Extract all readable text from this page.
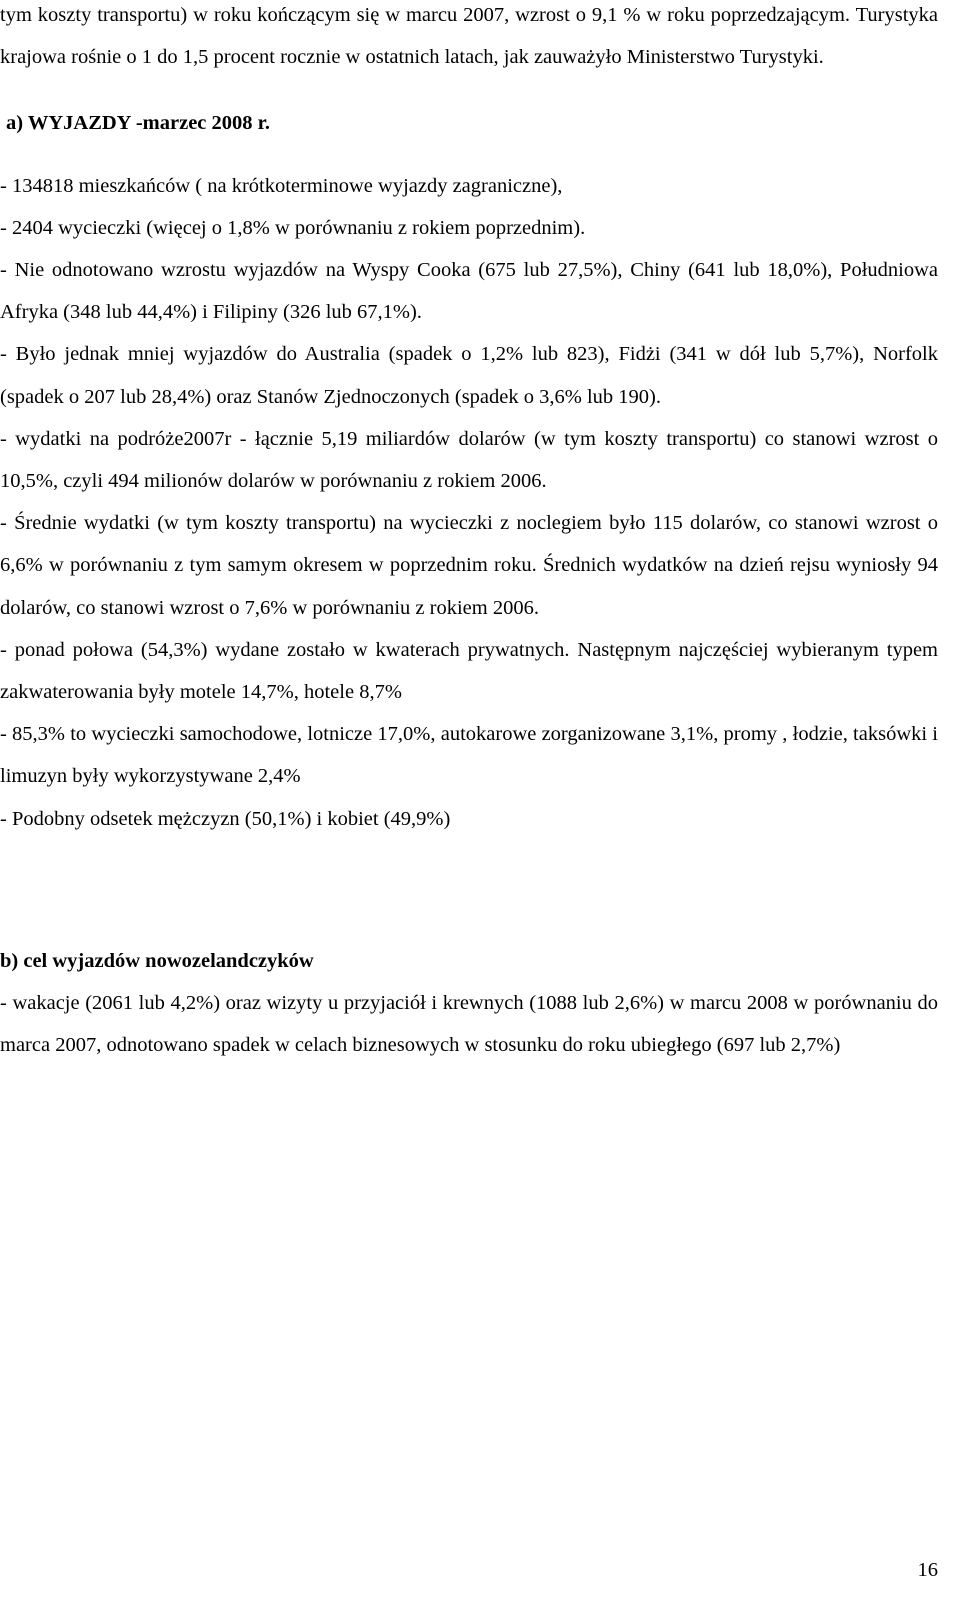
tym koszty transportu) w roku kończącym się w marcu 2007, wzrost o 9,1 % w roku poprzedzającym. Turystyka krajowa rośnie o 1 do 1,5 procent rocznie w ostatnich latach, jak zauważyło Ministerstwo Turystyki.

a) WYJAZDY -marzec 2008 r.

- 134818 mieszkańców ( na krótkoterminowe wyjazdy zagraniczne),

- 2404 wycieczki (więcej o 1,8% w porównaniu z rokiem poprzednim).

- Nie odnotowano wzrostu wyjazdów na Wyspy Cooka (675 lub 27,5%), Chiny (641 lub 18,0%), Południowa Afryka (348 lub 44,4%) i Filipiny (326 lub 67,1%).

- Było jednak mniej wyjazdów do Australia (spadek o 1,2% lub 823), Fidżi (341 w dół lub 5,7%), Norfolk (spadek o 207 lub 28,4%) oraz Stanów Zjednoczonych (spadek o 3,6% lub 190).

- wydatki na podróże2007r - łącznie 5,19 miliardów dolarów (w tym koszty transportu) co stanowi wzrost o 10,5%, czyli 494 milionów dolarów w porównaniu z rokiem 2006.

- Średnie wydatki (w tym koszty transportu) na wycieczki z noclegiem było 115 dolarów, co stanowi wzrost o 6,6% w porównaniu z tym samym okresem w poprzednim roku. Średnich wydatków na dzień rejsu wyniosły 94 dolarów, co stanowi wzrost o 7,6% w porównaniu z rokiem 2006.

- ponad połowa (54,3%) wydane zostało w kwaterach prywatnych. Następnym najczęściej wybieranym typem zakwaterowania były motele 14,7%, hotele 8,7%

- 85,3% to wycieczki samochodowe, lotnicze 17,0%, autokarowe zorganizowane 3,1%, promy , łodzie, taksówki i limuzyn były wykorzystywane 2,4%

- Podobny odsetek mężczyzn (50,1%) i kobiet (49,9%)

b) cel wyjazdów nowozelandczyków

- wakacje (2061 lub 4,2%) oraz wizyty u przyjaciół i krewnych (1088 lub 2,6%) w marcu 2008 w porównaniu do marca 2007, odnotowano spadek w celach biznesowych w stosunku do roku ubiegłego (697 lub 2,7%)

16
